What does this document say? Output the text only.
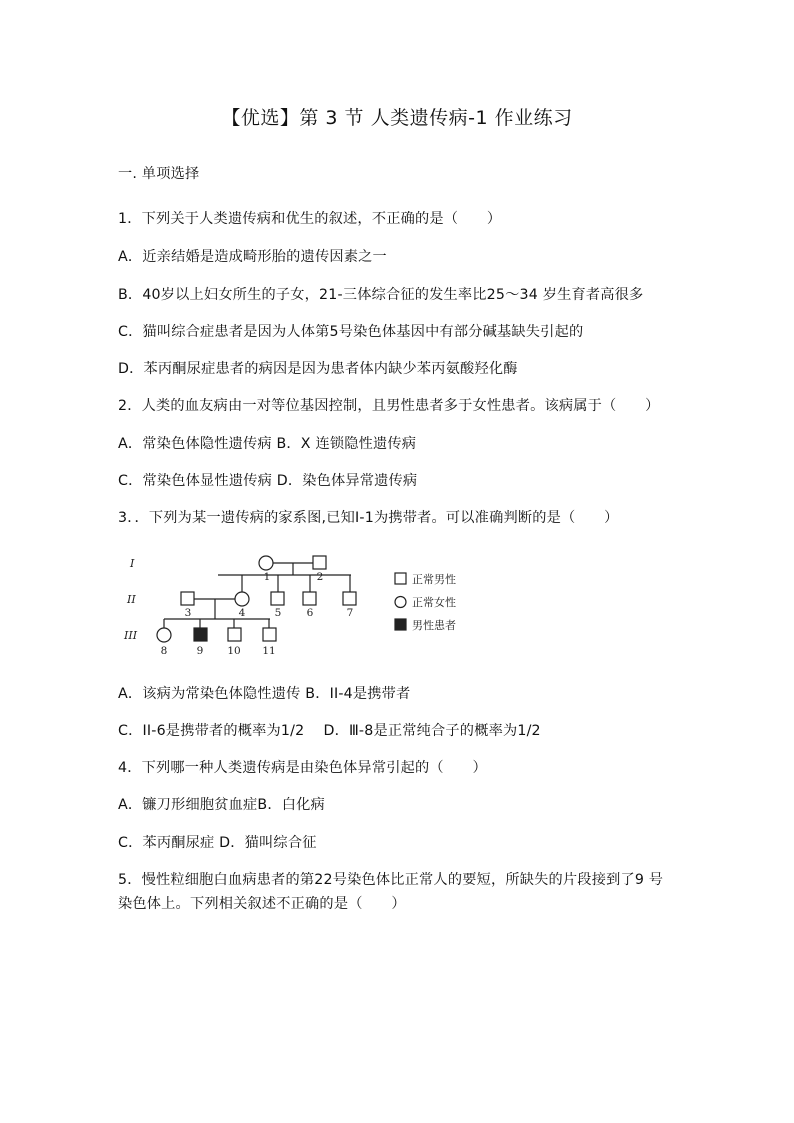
【优选】第 3 节 人类遗传病-1 作业练习
一. 单项选择
1．下列关于人类遗传病和优生的叙述，不正确的是（　　）
A．近亲结婚是造成畸形胎的遗传因素之一
B．40岁以上妇女所生的子女，21-三体综合征的发生率比25～34 岁生育者高很多
C．猫叫综合症患者是因为人体第5号染色体基因中有部分碱基缺失引起的
D．苯丙酮尿症患者的病因是因为患者体内缺少苯丙氨酸羟化酶
2．人类的血友病由一对等位基因控制，且男性患者多于女性患者。该病属于（　　）
A．常染色体隐性遗传病 B．X 连锁隐性遗传病
C．常染色体显性遗传病 D．染色体异常遗传病
3．．下列为某一遗传病的家系图,已知I-1为携带者。可以准确判断的是（　　）
I
II
III
1	2
3	4	5 6	7
8	9 10 11
正常男性
正常女性
男性患者
A．该病为常染色体隐性遗传 B．II-4是携带者
C．II-6是携带者的概率为1/2　 D．Ⅲ-8是正常纯合子的概率为1/2
4．下列哪一种人类遗传病是由染色体异常引起的（　　）
A．镰刀形细胞贫血症B．白化病
C．苯丙酮尿症 D．猫叫综合征
5．慢性粒细胞白血病患者的第22号染色体比正常人的要短，所缺失的片段接到了9 号
染色体上。下列相关叙述不正确的是（　　）
